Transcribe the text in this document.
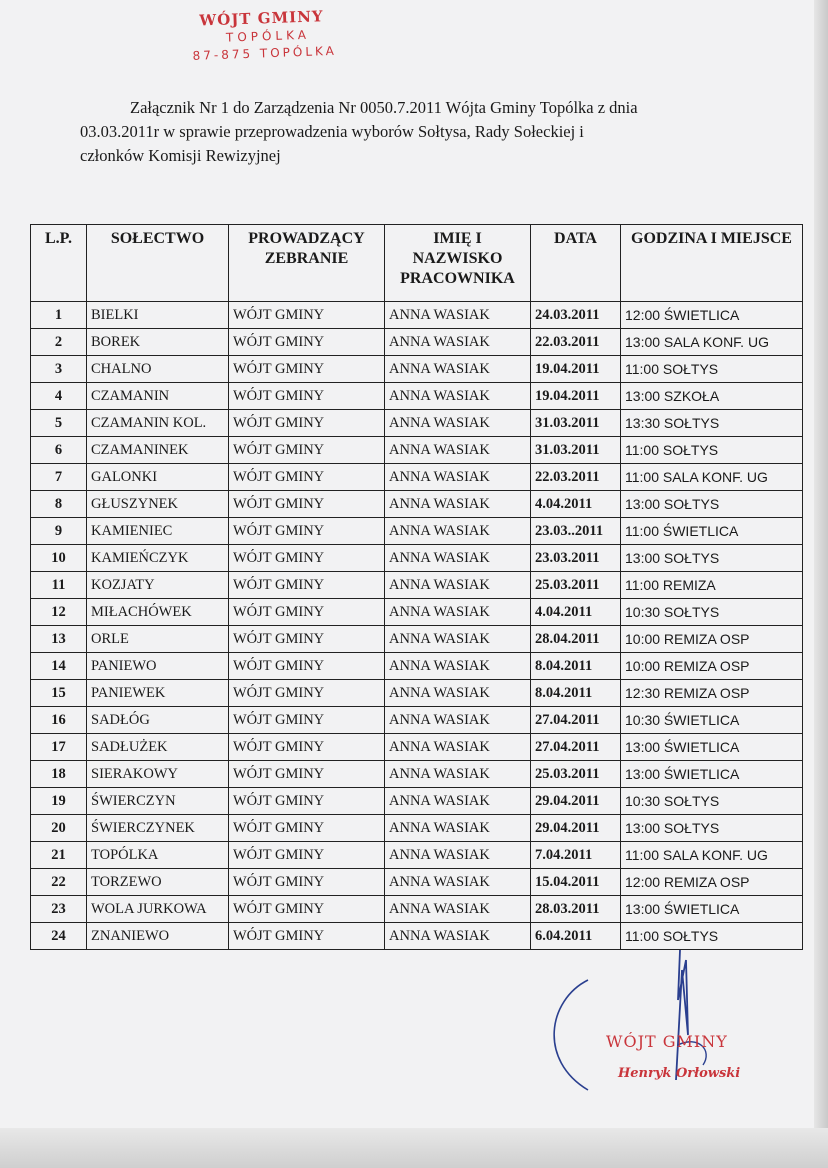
WÓJT GMINY
TOPÓLKA
87-875 TOPÓLKA
Załącznik Nr 1 do Zarządzenia Nr 0050.7.2011 Wójta Gminy Topólka z dnia
03.03.2011r w sprawie przeprowadzenia wyborów Sołtysa, Rady Sołeckiej i
członków Komisji Rewizyjnej
L.P.	SOŁECTWO	PROWADZĄCY ZEBRANIE	IMIĘ I NAZWISKO PRACOWNIKA	DATA	GODZINA I MIEJSCE
1	BIELKI	WÓJT GMINY	ANNA WASIAK	24.03.2011	12:00 ŚWIETLICA
2	BOREK	WÓJT GMINY	ANNA WASIAK	22.03.2011	13:00 SALA KONF. UG
3	CHALNO	WÓJT GMINY	ANNA WASIAK	19.04.2011	11:00 SOŁTYS
4	CZAMANIN	WÓJT GMINY	ANNA WASIAK	19.04.2011	13:00 SZKOŁA
5	CZAMANIN KOL.	WÓJT GMINY	ANNA WASIAK	31.03.2011	13:30 SOŁTYS
6	CZAMANINEK	WÓJT GMINY	ANNA WASIAK	31.03.2011	11:00 SOŁTYS
7	GALONKI	WÓJT GMINY	ANNA WASIAK	22.03.2011	11:00 SALA KONF. UG
8	GŁUSZYNEK	WÓJT GMINY	ANNA WASIAK	4.04.2011	13:00 SOŁTYS
9	KAMIENIEC	WÓJT GMINY	ANNA WASIAK	23.03..2011	11:00 ŚWIETLICA
10	KAMIEŃCZYK	WÓJT GMINY	ANNA WASIAK	23.03.2011	13:00 SOŁTYS
11	KOZJATY	WÓJT GMINY	ANNA WASIAK	25.03.2011	11:00 REMIZA
12	MIŁACHÓWEK	WÓJT GMINY	ANNA WASIAK	4.04.2011	10:30 SOŁTYS
13	ORLE	WÓJT GMINY	ANNA WASIAK	28.04.2011	10:00 REMIZA OSP
14	PANIEWO	WÓJT GMINY	ANNA WASIAK	8.04.2011	10:00 REMIZA OSP
15	PANIEWEK	WÓJT GMINY	ANNA WASIAK	8.04.2011	12:30 REMIZA OSP
16	SADŁÓG	WÓJT GMINY	ANNA WASIAK	27.04.2011	10:30 ŚWIETLICA
17	SADŁUŻEK	WÓJT GMINY	ANNA WASIAK	27.04.2011	13:00 ŚWIETLICA
18	SIERAKOWY	WÓJT GMINY	ANNA WASIAK	25.03.2011	13:00 ŚWIETLICA
19	ŚWIERCZYN	WÓJT GMINY	ANNA WASIAK	29.04.2011	10:30 SOŁTYS
20	ŚWIERCZYNEK	WÓJT GMINY	ANNA WASIAK	29.04.2011	13:00 SOŁTYS
21	TOPÓLKA	WÓJT GMINY	ANNA WASIAK	7.04.2011	11:00 SALA KONF. UG
22	TORZEWO	WÓJT GMINY	ANNA WASIAK	15.04.2011	12:00 REMIZA OSP
23	WOLA JURKOWA	WÓJT GMINY	ANNA WASIAK	28.03.2011	13:00 ŚWIETLICA
24	ZNANIEWO	WÓJT GMINY	ANNA WASIAK	6.04.2011	11:00 SOŁTYS
WÓJT GMINY
Henryk Orłowski
